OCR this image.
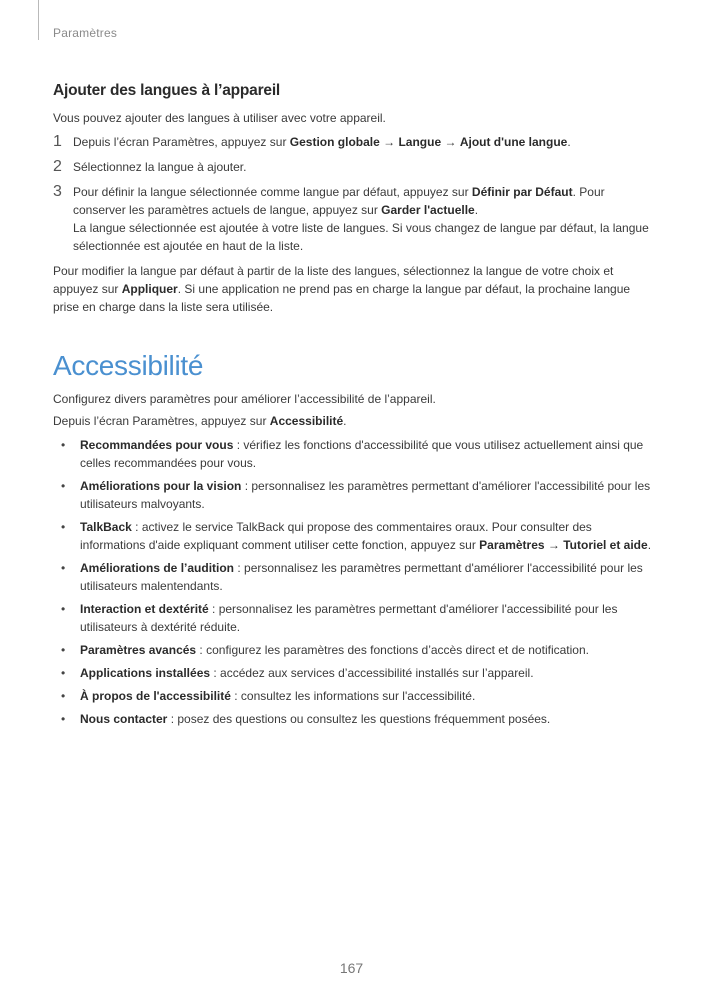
Paramètres
Ajouter des langues à l’appareil

Vous pouvez ajouter des langues à utiliser avec votre appareil.

1 Depuis l’écran Paramètres, appuyez sur Gestion globale → Langue → Ajout d'une langue.
2 Sélectionnez la langue à ajouter.
3 Pour définir la langue sélectionnée comme langue par défaut, appuyez sur Définir par Défaut. Pour conserver les paramètres actuels de langue, appuyez sur Garder l'actuelle.
La langue sélectionnée est ajoutée à votre liste de langues. Si vous changez de langue par défaut, la langue sélectionnée est ajoutée en haut de la liste.

Pour modifier la langue par défaut à partir de la liste des langues, sélectionnez la langue de votre choix et appuyez sur Appliquer. Si une application ne prend pas en charge la langue par défaut, la prochaine langue prise en charge dans la liste sera utilisée.

Accessibilité

Configurez divers paramètres pour améliorer l’accessibilité de l’appareil.

Depuis l’écran Paramètres, appuyez sur Accessibilité.

•	Recommandées pour vous : vérifiez les fonctions d'accessibilité que vous utilisez actuellement ainsi que celles recommandées pour vous.
•	Améliorations pour la vision : personnalisez les paramètres permettant d'améliorer l'accessibilité pour les utilisateurs malvoyants.
•	TalkBack : activez le service TalkBack qui propose des commentaires oraux. Pour consulter des informations d'aide expliquant comment utiliser cette fonction, appuyez sur Paramètres → Tutoriel et aide.
•	Améliorations de l’audition : personnalisez les paramètres permettant d'améliorer l'accessibilité pour les utilisateurs malentendants.
•	Interaction et dextérité : personnalisez les paramètres permettant d'améliorer l'accessibilité pour les utilisateurs à dextérité réduite.
•	Paramètres avancés : configurez les paramètres des fonctions d’accès direct et de notification.
•	Applications installées : accédez aux services d’accessibilité installés sur l’appareil.
•	À propos de l'accessibilité : consultez les informations sur l'accessibilité.
•	Nous contacter : posez des questions ou consultez les questions fréquemment posées.
167
